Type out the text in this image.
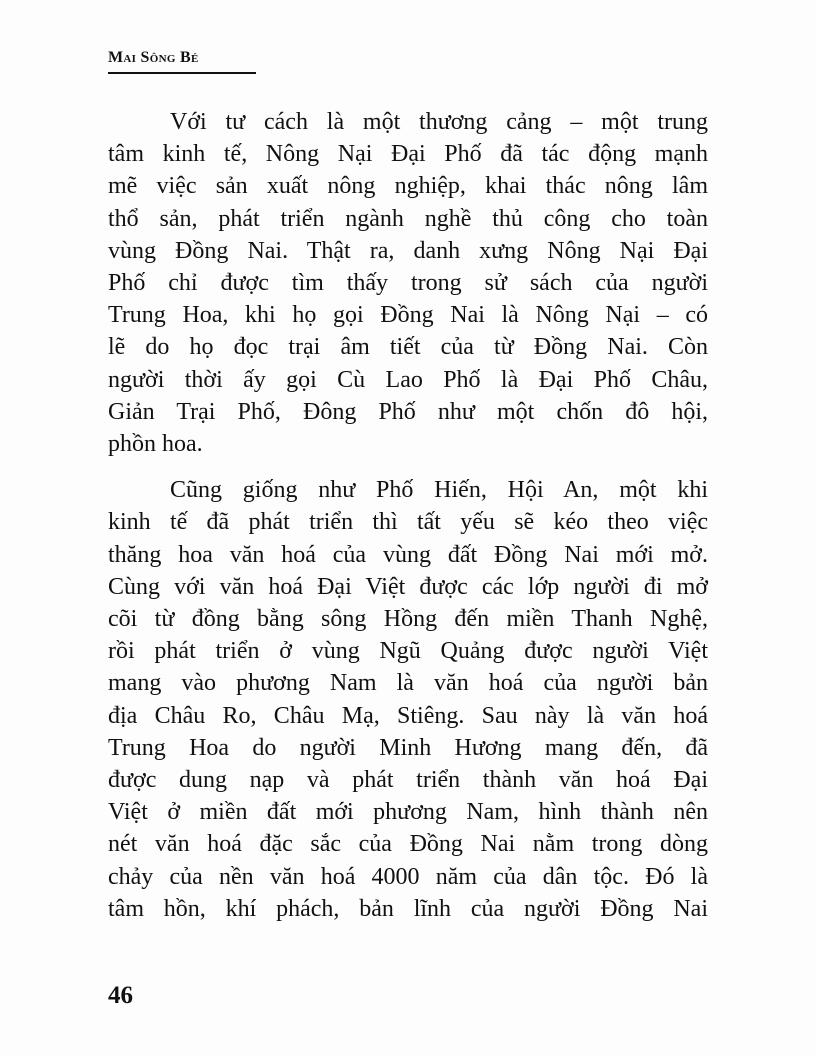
Mai Sông Bé

Với tư cách là một thương cảng – một trung
tâm kinh tế, Nông Nại Đại Phố đã tác động mạnh
mẽ việc sản xuất nông nghiệp, khai thác nông lâm
thổ sản, phát triển ngành nghề thủ công cho toàn
vùng Đồng Nai. Thật ra, danh xưng Nông Nại Đại
Phố chỉ được tìm thấy trong sử sách của người
Trung Hoa, khi họ gọi Đồng Nai là Nông Nại – có
lẽ do họ đọc trại âm tiết của từ Đồng Nai. Còn
người thời ấy gọi Cù Lao Phố là Đại Phố Châu,
Giản Trại Phố, Đông Phố như một chốn đô hội,
phồn hoa.

Cũng giống như Phố Hiến, Hội An, một khi
kinh tế đã phát triển thì tất yếu sẽ kéo theo việc
thăng hoa văn hoá của vùng đất Đồng Nai mới mở.
Cùng với văn hoá Đại Việt được các lớp người đi mở
cõi từ đồng bằng sông Hồng đến miền Thanh Nghệ,
rồi phát triển ở vùng Ngũ Quảng được người Việt
mang vào phương Nam là văn hoá của người bản
địa Châu Ro, Châu Mạ, Stiêng. Sau này là văn hoá
Trung Hoa do người Minh Hương mang đến, đã
được dung nạp và phát triển thành văn hoá Đại
Việt ở miền đất mới phương Nam, hình thành nên
nét văn hoá đặc sắc của Đồng Nai nằm trong dòng
chảy của nền văn hoá 4000 năm của dân tộc. Đó là
tâm hồn, khí phách, bản lĩnh của người Đồng Nai

46
